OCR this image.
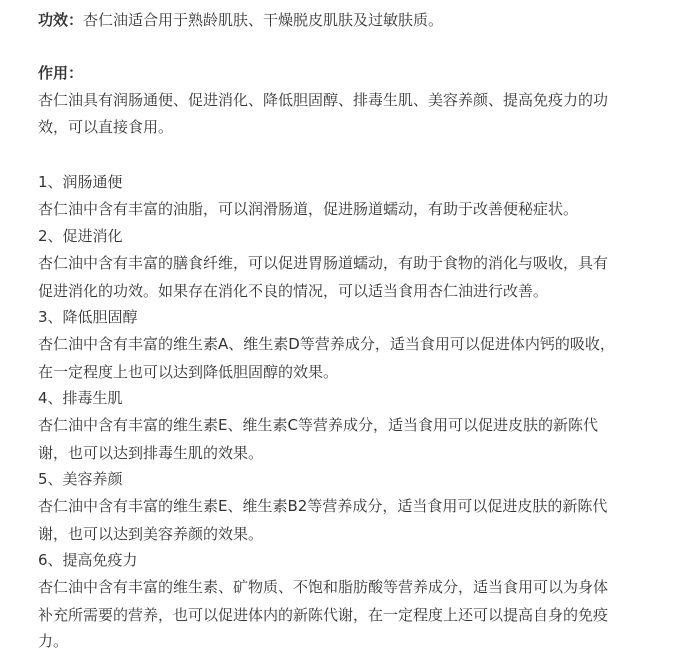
功效：杏仁油适合用于熟龄肌肤、干燥脱皮肌肤及过敏肤质。
作用：
杏仁油具有润肠通便、促进消化、降低胆固醇、排毒生肌、美容养颜、提高免疫力的功
效，可以直接食用。
1、润肠通便
杏仁油中含有丰富的油脂，可以润滑肠道，促进肠道蠕动，有助于改善便秘症状。
2、促进消化
杏仁油中含有丰富的膳食纤维，可以促进胃肠道蠕动，有助于食物的消化与吸收，具有
促进消化的功效。如果存在消化不良的情况，可以适当食用杏仁油进行改善。
3、降低胆固醇
杏仁油中含有丰富的维生素A、维生素D等营养成分，适当食用可以促进体内钙的吸收，
在一定程度上也可以达到降低胆固醇的效果。
4、排毒生肌
杏仁油中含有丰富的维生素E、维生素C等营养成分，适当食用可以促进皮肤的新陈代
谢，也可以达到排毒生肌的效果。
5、美容养颜
杏仁油中含有丰富的维生素E、维生素B2等营养成分，适当食用可以促进皮肤的新陈代
谢，也可以达到美容养颜的效果。
6、提高免疫力
杏仁油中含有丰富的维生素、矿物质、不饱和脂肪酸等营养成分，适当食用可以为身体
补充所需要的营养，也可以促进体内的新陈代谢，在一定程度上还可以提高自身的免疫
力。
